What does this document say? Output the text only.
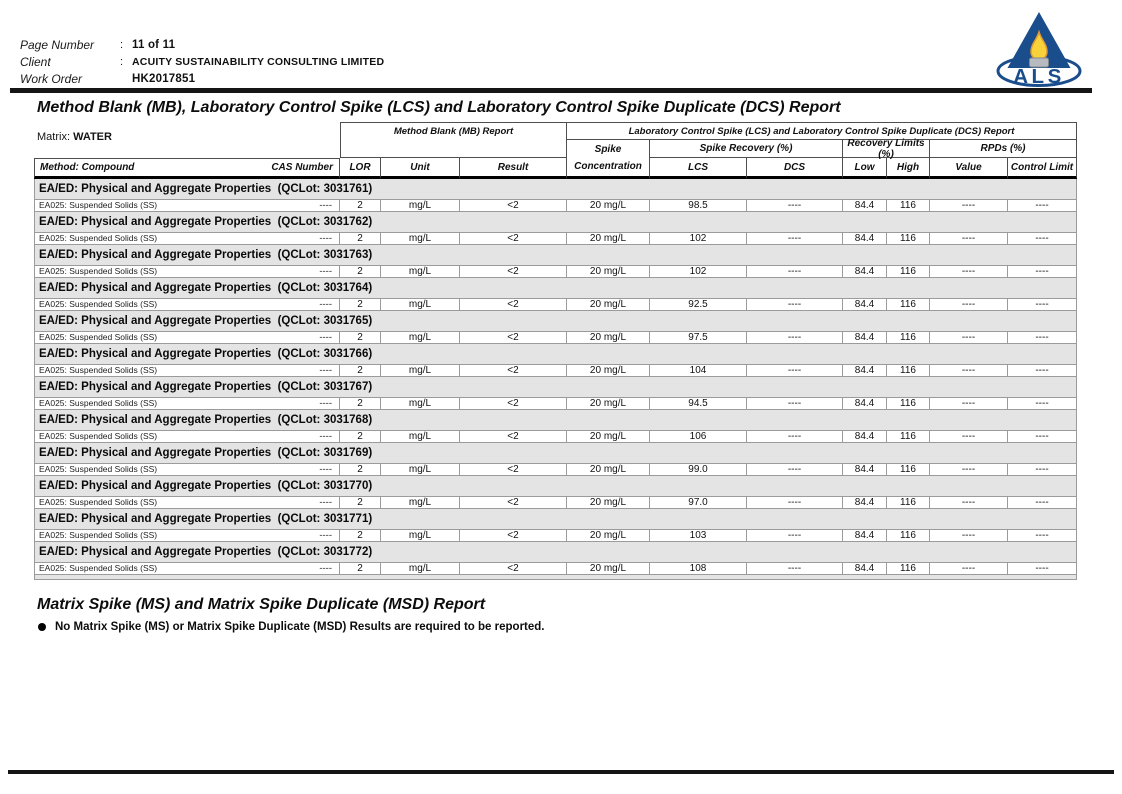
Page Number	: 11 of 11
Client	: ACUITY SUSTAINABILITY CONSULTING LIMITED
Work Order	HK2017851	ALS
Method Blank (MB), Laboratory Control Spike (LCS) and Laboratory Control Spike Duplicate (DCS) Report
Matrix: WATER	Method Blank (MB) Report	Laboratory Control Spike (LCS) and Laboratory Control Spike Duplicate (DCS) Report
Spike
Concentration
Spike Recovery (%)	Recovery Limits (%)	RPDs (%)
Method: Compound	CAS Number	LOR	Unit	Result	LCS	DCS	Low	High	Value	Control Limit
EA/ED: Physical and Aggregate Properties  (QCLot: 3031761)
EA025: Suspended Solids (SS)	----	2	mg/L	<2	20 mg/L	98.5	----	84.4	116	----	----
EA/ED: Physical and Aggregate Properties  (QCLot: 3031762)
EA025: Suspended Solids (SS)	----	2	mg/L	<2	20 mg/L	102	----	84.4	116	----	----
EA/ED: Physical and Aggregate Properties  (QCLot: 3031763)
EA025: Suspended Solids (SS)	----	2	mg/L	<2	20 mg/L	102	----	84.4	116	----	----
EA/ED: Physical and Aggregate Properties  (QCLot: 3031764)
EA025: Suspended Solids (SS)	----	2	mg/L	<2	20 mg/L	92.5	----	84.4	116	----	----
EA/ED: Physical and Aggregate Properties  (QCLot: 3031765)
EA025: Suspended Solids (SS)	----	2	mg/L	<2	20 mg/L	97.5	----	84.4	116	----	----
EA/ED: Physical and Aggregate Properties  (QCLot: 3031766)
EA025: Suspended Solids (SS)	----	2	mg/L	<2	20 mg/L	104	----	84.4	116	----	----
EA/ED: Physical and Aggregate Properties  (QCLot: 3031767)
EA025: Suspended Solids (SS)	----	2	mg/L	<2	20 mg/L	94.5	----	84.4	116	----	----
EA/ED: Physical and Aggregate Properties  (QCLot: 3031768)
EA025: Suspended Solids (SS)	----	2	mg/L	<2	20 mg/L	106	----	84.4	116	----	----
EA/ED: Physical and Aggregate Properties  (QCLot: 3031769)
EA025: Suspended Solids (SS)	----	2	mg/L	<2	20 mg/L	99.0	----	84.4	116	----	----
EA/ED: Physical and Aggregate Properties  (QCLot: 3031770)
EA025: Suspended Solids (SS)	----	2	mg/L	<2	20 mg/L	97.0	----	84.4	116	----	----
EA/ED: Physical and Aggregate Properties  (QCLot: 3031771)
EA025: Suspended Solids (SS)	----	2	mg/L	<2	20 mg/L	103	----	84.4	116	----	----
EA/ED: Physical and Aggregate Properties  (QCLot: 3031772)
EA025: Suspended Solids (SS)	----	2	mg/L	<2	20 mg/L	108	----	84.4	116	----	----
Matrix Spike (MS) and Matrix Spike Duplicate (MSD) Report
No Matrix Spike (MS) or Matrix Spike Duplicate (MSD) Results are required to be reported.
